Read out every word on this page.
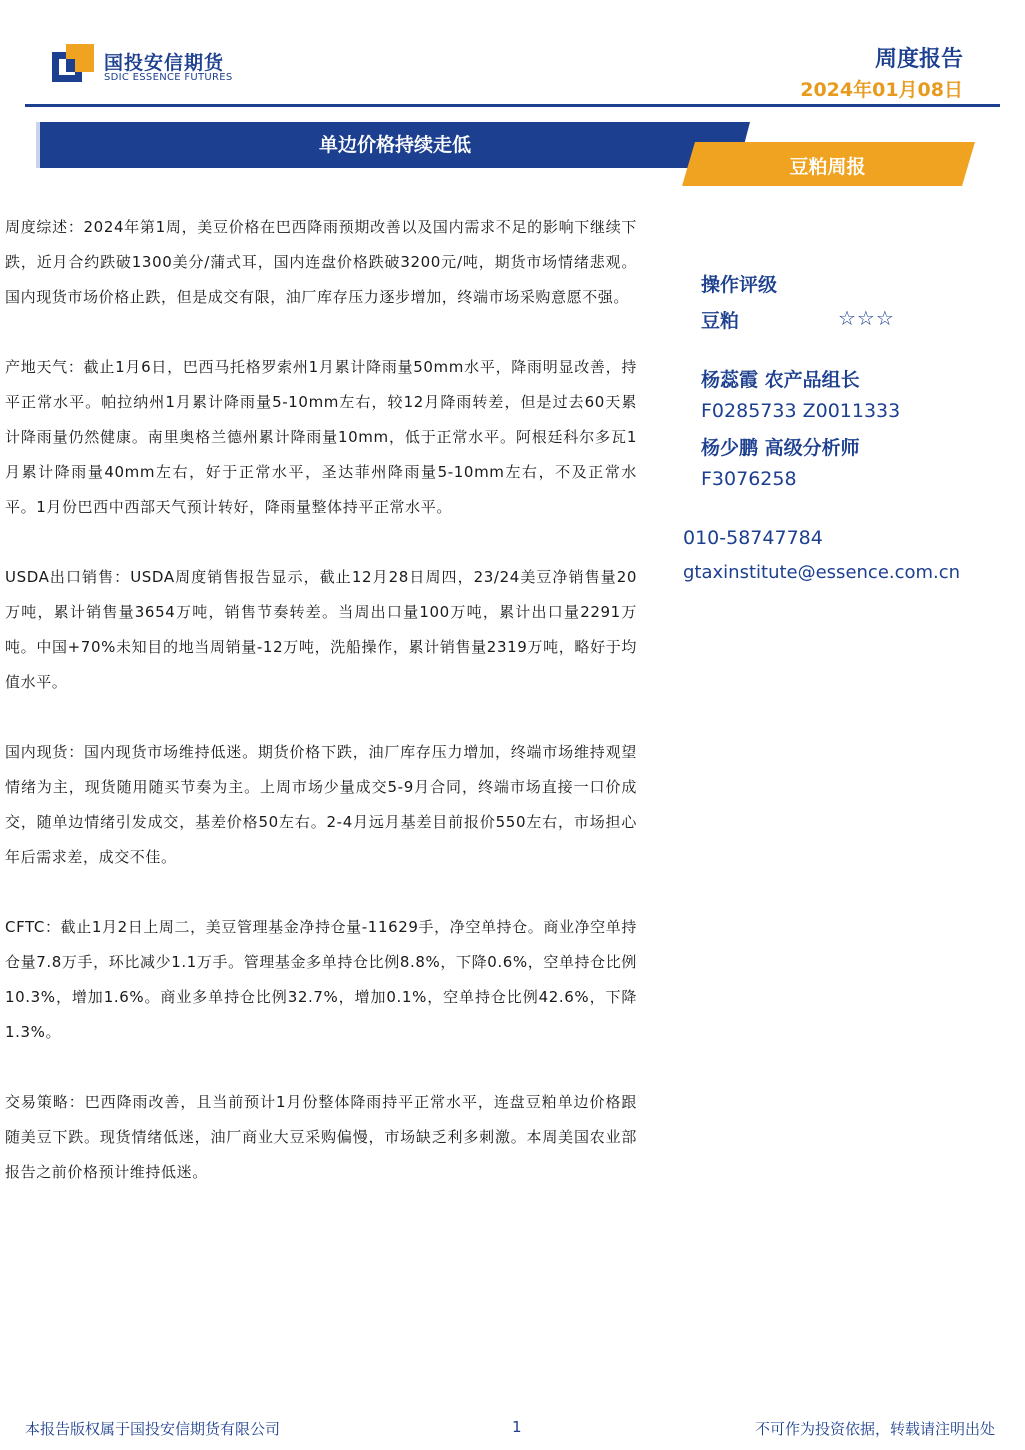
国投安信期货
SDIC ESSENCE FUTURES
周度报告
2024年01月08日
单边价格持续走低
豆粕周报

周度综述：2024年第1周，美豆价格在巴西降雨预期改善以及国内需求不足的影响下继续下跌，近月合约跌破1300美分/蒲式耳，国内连盘价格跌破3200元/吨，期货市场情绪悲观。国内现货市场价格止跌，但是成交有限，油厂库存压力逐步增加，终端市场采购意愿不强。

产地天气：截止1月6日，巴西马托格罗索州1月累计降雨量50mm水平，降雨明显改善，持平正常水平。帕拉纳州1月累计降雨量5-10mm左右，较12月降雨转差，但是过去60天累计降雨量仍然健康。南里奥格兰德州累计降雨量10mm，低于正常水平。阿根廷科尔多瓦1月累计降雨量40mm左右，好于正常水平，圣达菲州降雨量5-10mm左右，不及正常水平。1月份巴西中西部天气预计转好，降雨量整体持平正常水平。

USDA出口销售：USDA周度销售报告显示，截止12月28日周四，23/24美豆净销售量20万吨，累计销售量3654万吨，销售节奏转差。当周出口量100万吨，累计出口量2291万吨。中国+70%未知目的地当周销量-12万吨，洗船操作，累计销售量2319万吨，略好于均值水平。

国内现货：国内现货市场维持低迷。期货价格下跌，油厂库存压力增加，终端市场维持观望情绪为主，现货随用随买节奏为主。上周市场少量成交5-9月合同，终端市场直接一口价成交，随单边情绪引发成交，基差价格50左右。2-4月远月基差目前报价550左右，市场担心年后需求差，成交不佳。

CFTC：截止1月2日上周二，美豆管理基金净持仓量-11629手，净空单持仓。商业净空单持仓量7.8万手，环比减少1.1万手。管理基金多单持仓比例8.8%，下降0.6%，空单持仓比例10.3%，增加1.6%。商业多单持仓比例32.7%，增加0.1%，空单持仓比例42.6%，下降1.3%。

交易策略：巴西降雨改善，且当前预计1月份整体降雨持平正常水平，连盘豆粕单边价格跟随美豆下跌。现货情绪低迷，油厂商业大豆采购偏慢，市场缺乏利多刺激。本周美国农业部报告之前价格预计维持低迷。

操作评级
豆粕	☆☆☆
杨蕊霞 农产品组长
F0285733 Z0011333
杨少鹏 高级分析师
F3076258
010-58747784
gtaxinstitute@essence.com.cn
本报告版权属于国投安信期货有限公司	1	不可作为投资依据，转载请注明出处
